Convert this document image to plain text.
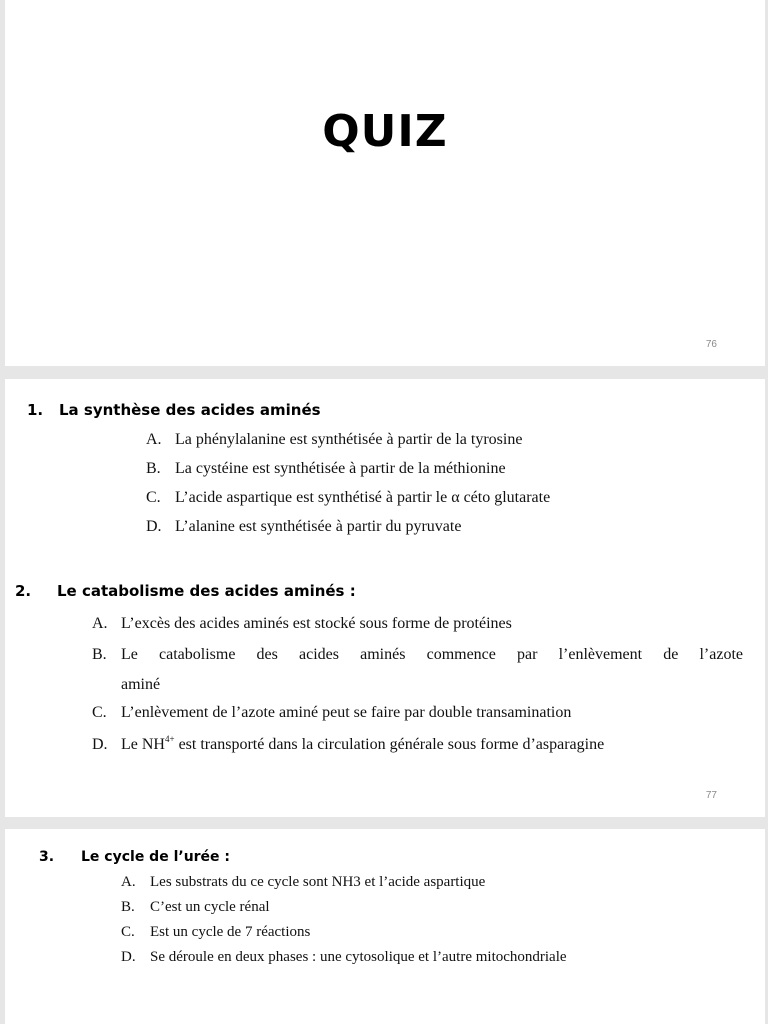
QUIZ
76
1. La synthèse des acides aminés
A. La phénylalanine est synthétisée à partir de la tyrosine
B. La cystéine est synthétisée à partir de la méthionine
C. L’acide aspartique est synthétisé à partir le α céto glutarate
D. L’alanine est synthétisée à partir du pyruvate
2. Le catabolisme des acides aminés :
A. L’excès des acides aminés est stocké sous forme de protéines
B. Le catabolisme des acides aminés commence par l’enlèvement de l’azote
aminé
C. L’enlèvement de l’azote aminé peut se faire par double transamination
D. Le $NH^{4+}$ est transporté dans la circulation générale sous forme d’asparagine
77
3. Le cycle de l’urée :
A. Les substrats du ce cycle sont NH3 et l’acide aspartique
B. C’est un cycle rénal
C. Est un cycle de 7 réactions
D. Se déroule en deux phases : une cytosolique et l’autre mitochondriale
